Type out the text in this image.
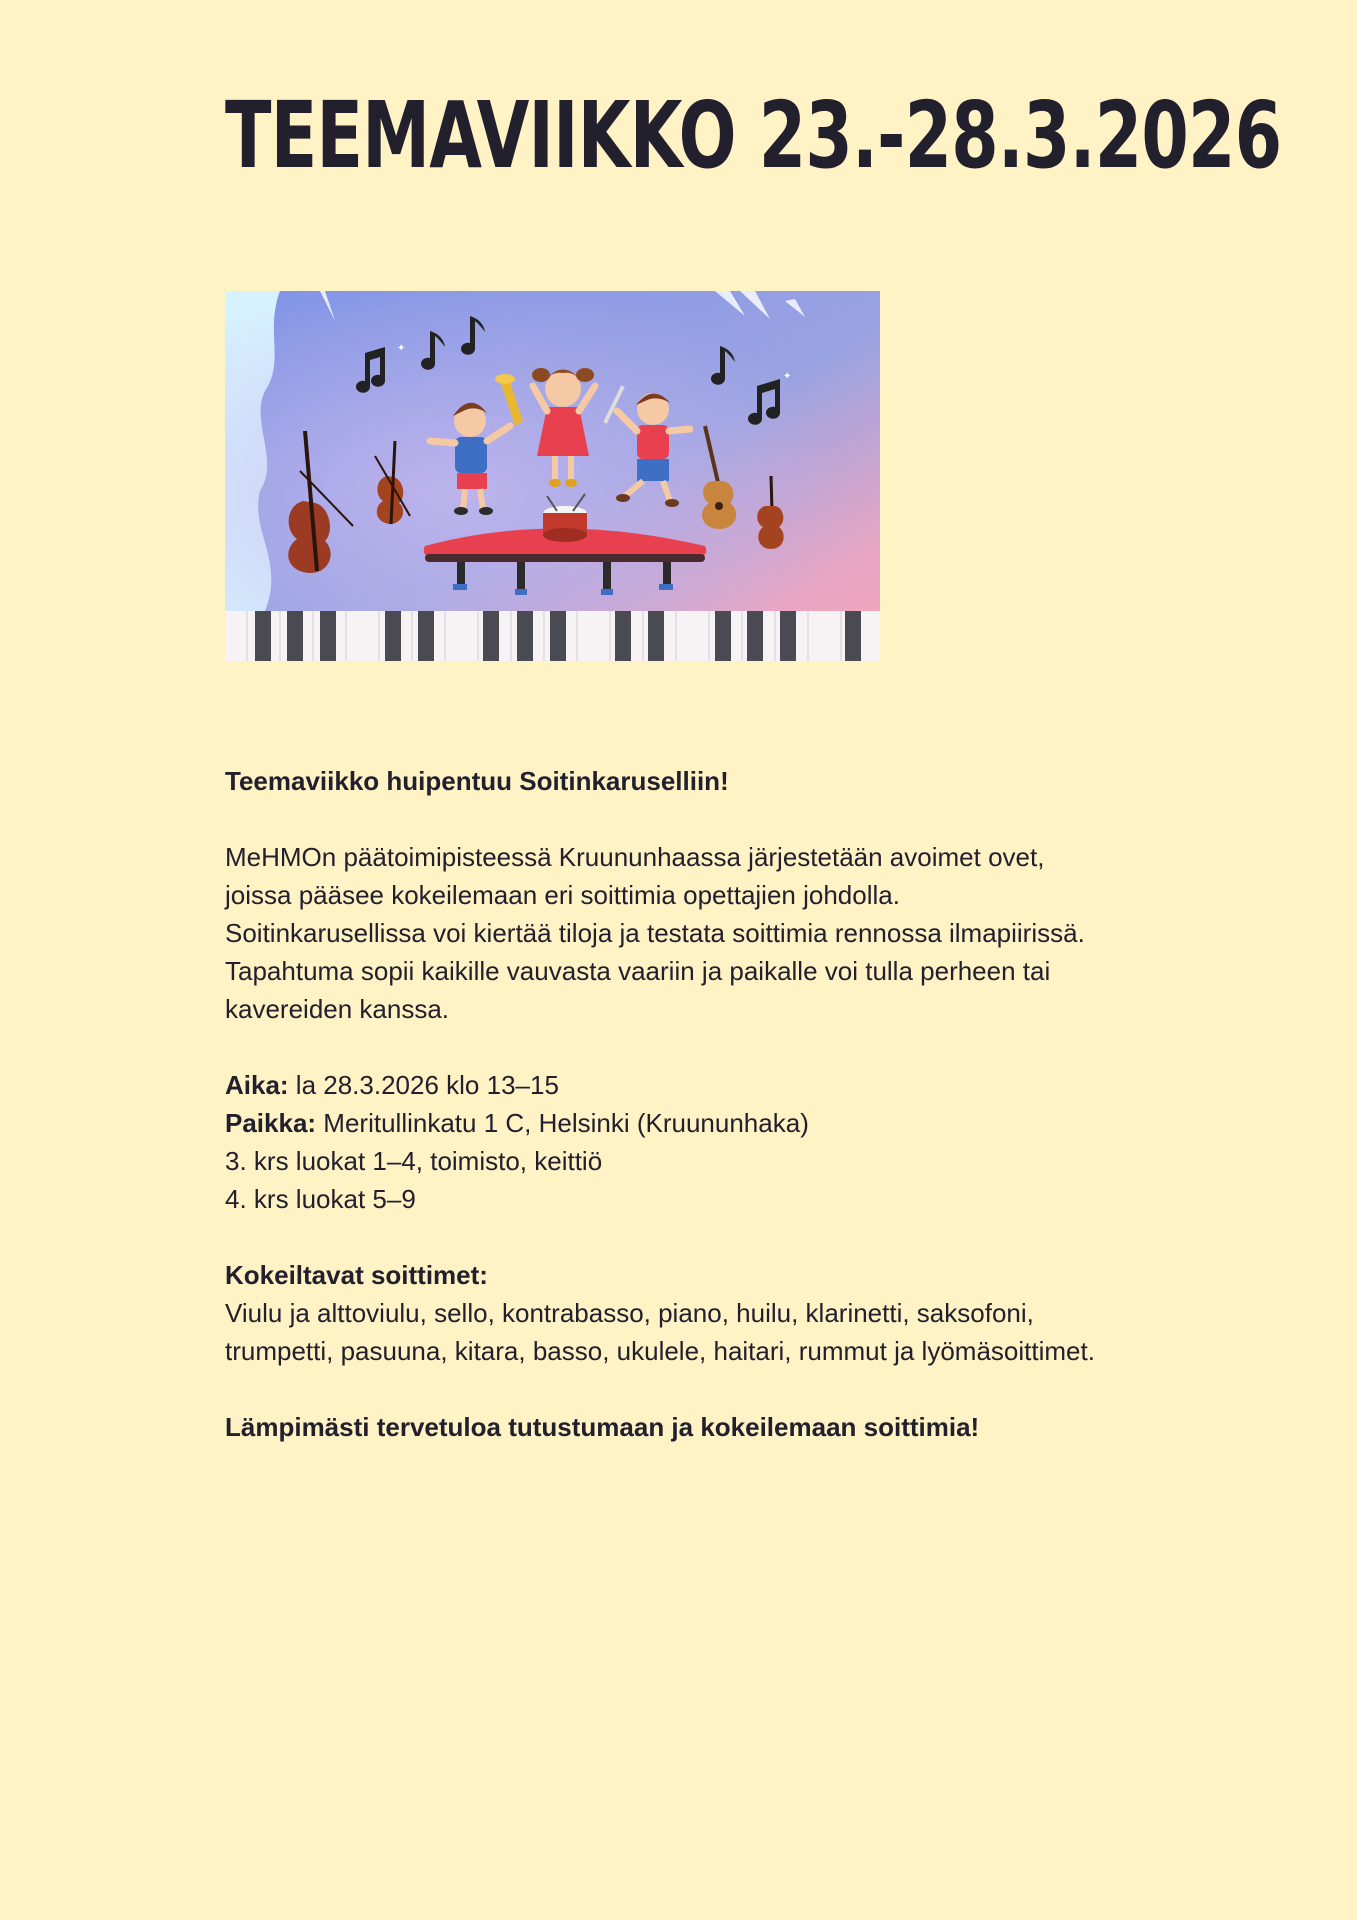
TEEMAVIIKKO 23.-28.3.2026
✦
✦

Teemaviikko huipentuu Soitinkaruselliin!

MeHMOn päätoimipisteessä Kruununhaassa järjestetään avoimet ovet, joissa pääsee kokeilemaan eri soittimia opettajien johdolla. Soitinkarusellissa voi kiertää tiloja ja testata soittimia rennossa ilmapiirissä. Tapahtuma sopii kaikille vauvasta vaariin ja paikalle voi tulla perheen tai kavereiden kanssa.

Aika: la 28.3.2026 klo 13–15
Paikka: Meritullinkatu 1 C, Helsinki (Kruununhaka)
3. krs luokat 1–4, toimisto, keittiö
4. krs luokat 5–9

Kokeiltavat soittimet:
Viulu ja alttoviulu, sello, kontrabasso, piano, huilu, klarinetti, saksofoni, trumpetti, pasuuna, kitara, basso, ukulele, haitari, rummut ja lyömäsoittimet.

Lämpimästi tervetuloa tutustumaan ja kokeilemaan soittimia!
